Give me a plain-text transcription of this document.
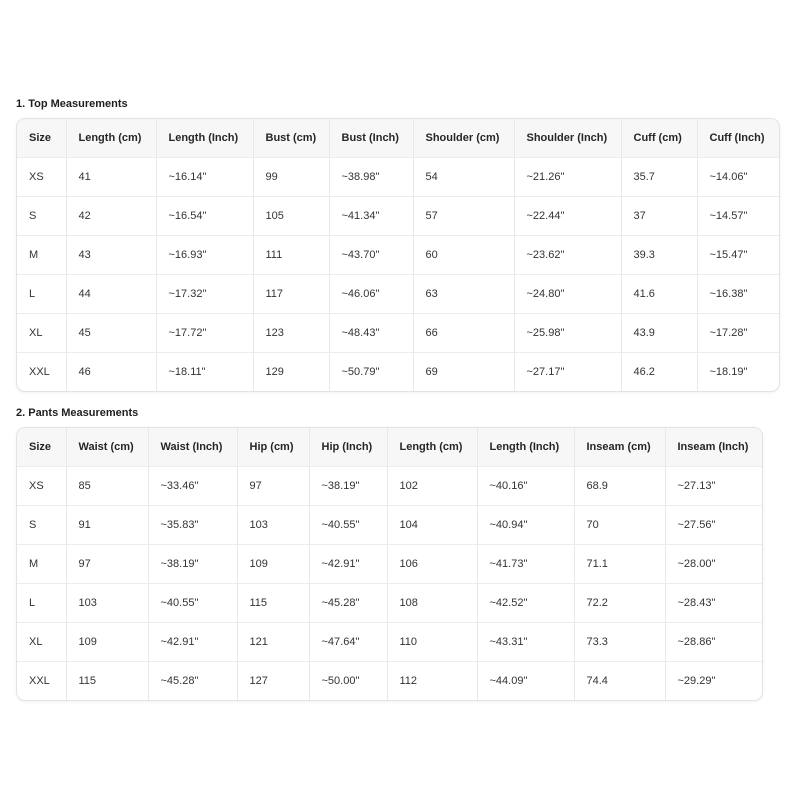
1. Top Measurements
Size	Length (cm)	Length (Inch)	Bust (cm)	Bust (Inch)	Shoulder (cm)	Shoulder (Inch)	Cuff (cm)	Cuff (Inch)
XS	41	~16.14"	99	~38.98"	54	~21.26"	35.7	~14.06"
S	42	~16.54"	105	~41.34"	57	~22.44"	37	~14.57"
M	43	~16.93"	111	~43.70"	60	~23.62"	39.3	~15.47"
L	44	~17.32"	117	~46.06"	63	~24.80"	41.6	~16.38"
XL	45	~17.72"	123	~48.43"	66	~25.98"	43.9	~17.28"
XXL	46	~18.11"	129	~50.79"	69	~27.17"	46.2	~18.19"
2. Pants Measurements
Size	Waist (cm)	Waist (Inch)	Hip (cm)	Hip (Inch)	Length (cm)	Length (Inch)	Inseam (cm)	Inseam (Inch)
XS	85	~33.46"	97	~38.19"	102	~40.16"	68.9	~27.13"
S	91	~35.83"	103	~40.55"	104	~40.94"	70	~27.56"
M	97	~38.19"	109	~42.91"	106	~41.73"	71.1	~28.00"
L	103	~40.55"	115	~45.28"	108	~42.52"	72.2	~28.43"
XL	109	~42.91"	121	~47.64"	110	~43.31"	73.3	~28.86"
XXL	115	~45.28"	127	~50.00"	112	~44.09"	74.4	~29.29"
